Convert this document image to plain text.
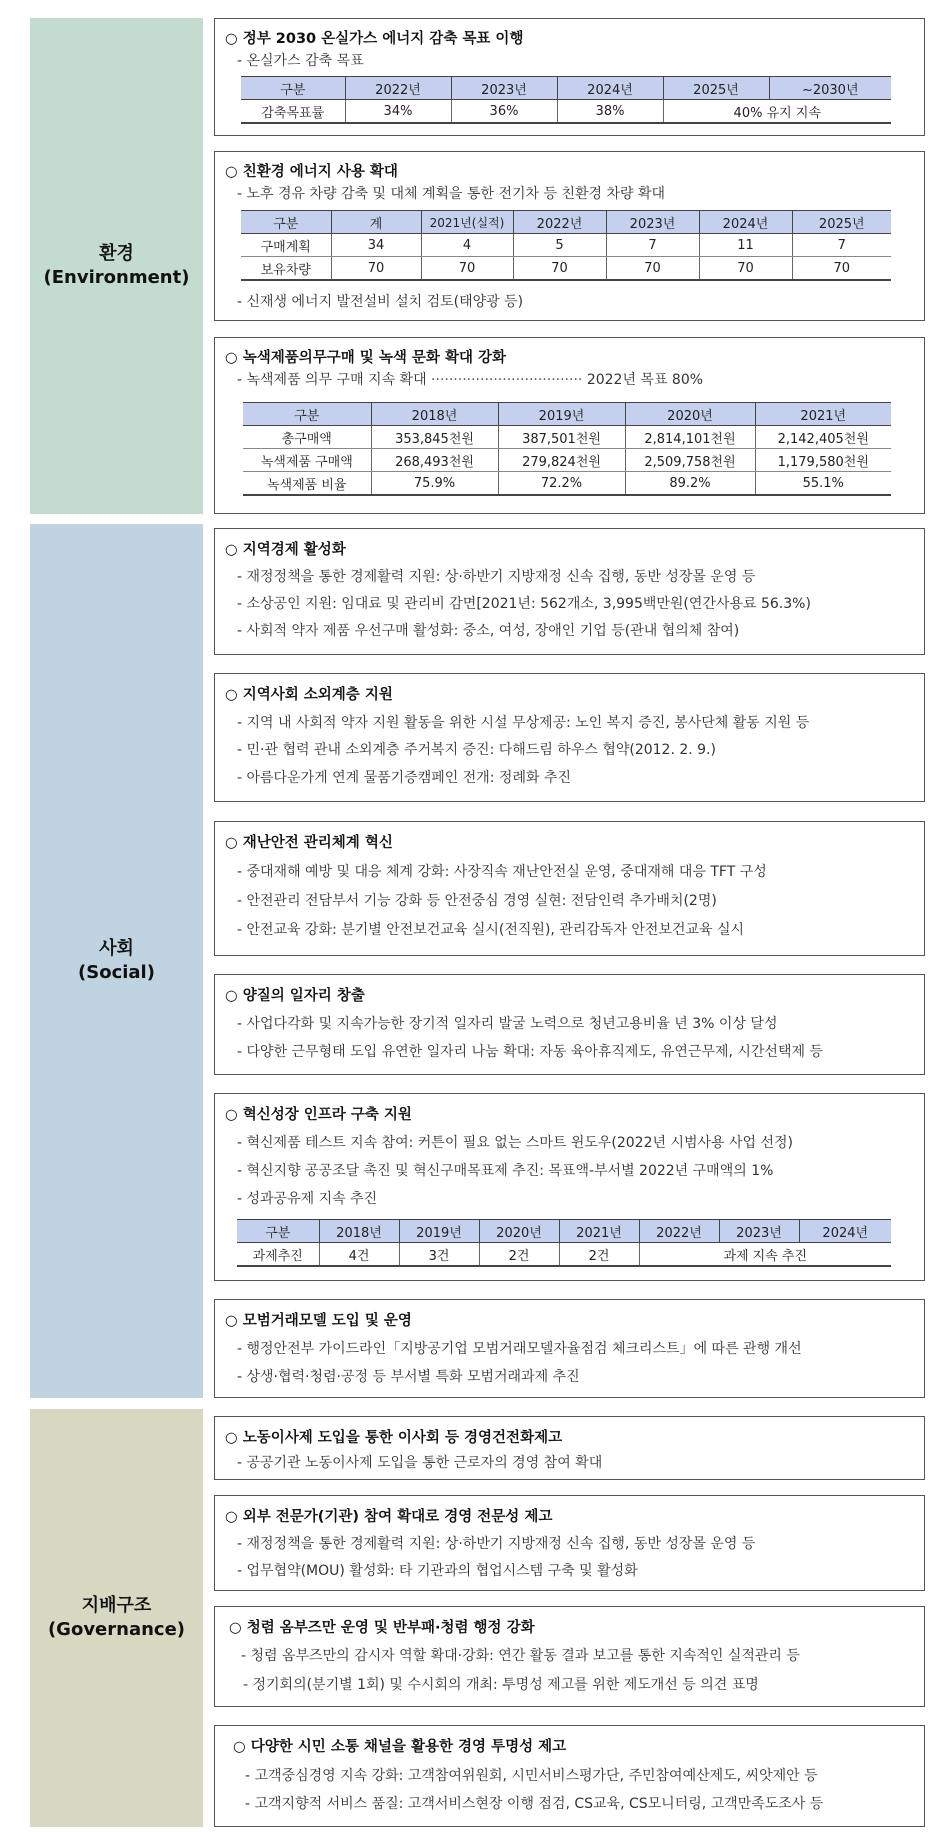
환경
(Environment)
사회
(Social)
지배구조
(Governance)
○ 정부 2030 온실가스 에너지 감축 목표 이행
- 온실가스 감축 목표
구분	2022년	2023년	2024년	2025년	~2030년
감축목표률	34%	36%	38%	40% 유지 지속	
○ 친환경 에너지 사용 확대
- 노후 경유 차량 감축 및 대체 계획을 통한 전기차 등 친환경 차량 확대
구분	계	2021년(실적)	2022년	2023년	2024년	2025년
구매계획	34	4	5	7	11	7
보유차량	70	70	70	70	70	70
- 신재생 에너지 발전설비 설치 검토(태양광 등)
○ 녹색제품의무구매 및 녹색 문화 확대 강화
- 녹색제품 의무 구매 지속 확대 ·································· 2022년 목표 80%
구분	2018년	2019년	2020년	2021년
총구매액	353,845천원	387,501천원	2,814,101천원	2,142,405천원
녹색제품 구매액	268,493천원	279,824천원	2,509,758천원	1,179,580천원
녹색제품 비율	75.9%	72.2%	89.2%	55.1%
○ 지역경제 활성화
- 재정정책을 통한 경제활력 지원: 상·하반기 지방재정 신속 집행, 동반 성장몰 운영 등
- 소상공인 지원: 임대료 및 관리비 감면[2021년: 562개소, 3,995백만원(연간사용료 56.3%)
- 사회적 약자 제품 우선구매 활성화: 중소, 여성, 장애인 기업 등(관내 협의체 참여)
○ 지역사회 소외계층 지원
- 지역 내 사회적 약자 지원 활동을 위한 시설 무상제공: 노인 복지 증진, 봉사단체 활동 지원 등
- 민·관 협력 관내 소외계층 주거복지 증진: 다해드림 하우스 협약(2012. 2. 9.)
- 아름다운가게 연계 물품기증캠페인 전개: 정례화 추진
○ 재난안전 관리체계 혁신
- 중대재해 예방 및 대응 체계 강화: 사장직속 재난안전실 운영, 중대재해 대응 TFT 구성
- 안전관리 전담부서 기능 강화 등 안전중심 경영 실현: 전담인력 추가배치(2명)
- 안전교육 강화: 분기별 안전보건교육 실시(전직원), 관리감독자 안전보건교육 실시
○ 양질의 일자리 창출
- 사업다각화 및 지속가능한 장기적 일자리 발굴 노력으로 청년고용비율 년 3% 이상 달성
- 다양한 근무형태 도입 유연한 일자리 나눔 확대: 자동 육아휴직제도, 유연근무제, 시간선택제 등
○ 혁신성장 인프라 구축 지원
- 혁신제품 테스트 지속 참여: 커튼이 필요 없는 스마트 윈도우(2022년 시범사용 사업 선정)
- 혁신지향 공공조달 촉진 및 혁신구매목표제 추진: 목표액-부서별 2022년 구매액의 1%
- 성과공유제 지속 추진
구분	2018년	2019년	2020년	2021년	2022년	2023년	2024년
과제추진	4건	3건	2건	2건	과제 지속 추진		
○ 모범거래모델 도입 및 운영
- 행정안전부 가이드라인「지방공기업 모범거래모델자율점검 체크리스트」에 따른 관행 개선
- 상생·협력·청렴·공정 등 부서별 특화 모범거래과제 추진
○ 노동이사제 도입을 통한 이사회 등 경영건전화제고
- 공공기관 노동이사제 도입을 통한 근로자의 경영 참여 확대
○ 외부 전문가(기관) 참여 확대로 경영 전문성 제고
- 재정정책을 통한 경제활력 지원: 상·하반기 지방재정 신속 집행, 동반 성장몰 운영 등
- 업무협약(MOU) 활성화: 타 기관과의 협업시스템 구축 및 활성화
○ 청렴 옴부즈만 운영 및 반부패·청렴 행정 강화
- 청렴 옴부즈만의 감시자 역할 확대·강화: 연간 활동 결과 보고를 통한 지속적인 실적관리 등
- 정기회의(분기별 1회) 및 수시회의 개최: 투명성 제고를 위한 제도개선 등 의견 표명
○ 다양한 시민 소통 채널을 활용한 경영 투명성 제고
- 고객중심경영 지속 강화: 고객참여위원회, 시민서비스평가단, 주민참여예산제도, 씨앗제안 등
- 고객지향적 서비스 품질: 고객서비스현장 이행 점검, CS교육, CS모니터링, 고객만족도조사 등
